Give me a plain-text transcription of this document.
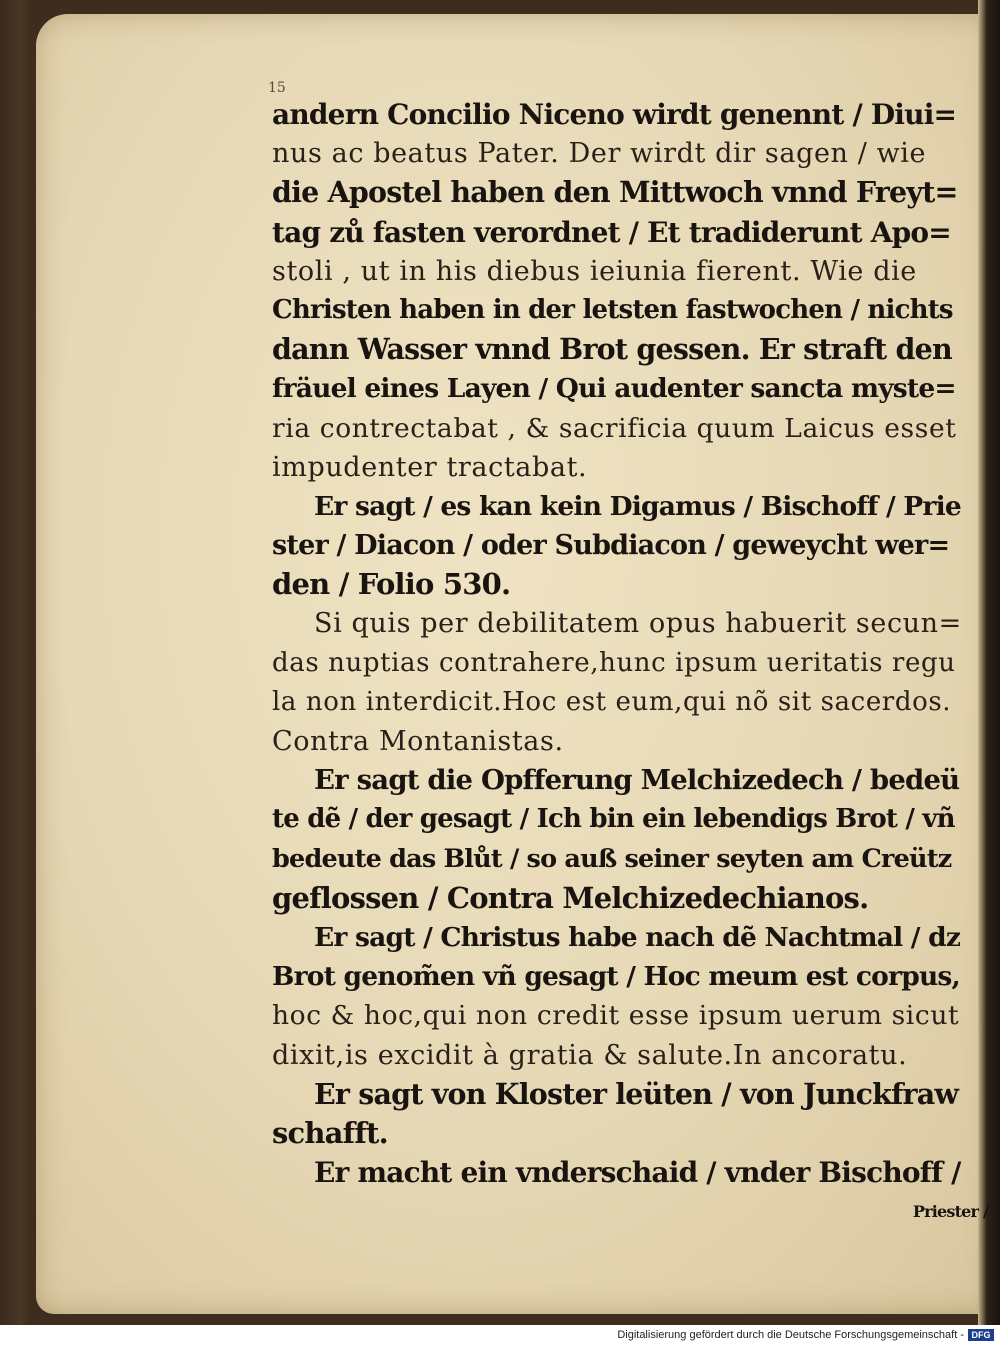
15
andern Concilio Niceno wirdt genennt / Diui=
nus ac beatus Pater. Der wirdt dir sagen / wie
die Apostel haben den Mittwoch vnnd Freyt=
tag zů fasten verordnet / Et tradiderunt Apo=
stoli , ut in his diebus ieiunia fierent. Wie die
Christen haben in der letsten fastwochen / nichts
dann Wasser vnnd Brot gessen. Er straft den
fräuel eines Layen / Qui audenter sancta myste=
ria contrectabat , & sacrificia quum Laicus esset
impudenter tractabat.
Er sagt / es kan kein Digamus / Bischoff / Prie
ster / Diacon / oder Subdiacon / geweycht wer=
den / Folio 530.
Si quis per debilitatem opus habuerit secun=
das nuptias contrahere,hunc ipsum ueritatis regu
la non interdicit.Hoc est eum,qui nõ sit sacerdos.
Contra Montanistas.
Er sagt die Opfferung Melchizedech / bedeü
te dẽ / der gesagt / Ich bin ein lebendigs Brot / vñ
bedeute das Blůt / so auß seiner seyten am Creütz
geflossen / Contra Melchizedechianos.
Er sagt / Christus habe nach dẽ Nachtmal / dz
Brot genom̃en vñ gesagt / Hoc meum est corpus,
hoc & hoc,qui non credit esse ipsum uerum sicut
dixit,is excidit à gratia & salute.In ancoratu.
Er sagt von Kloster leüten / von Junckfraw
schafft.
Er macht ein vnderschaid / vnder Bischoff /
Priester /
Digitalisierung gefördert durch die Deutsche Forschungsgemeinschaft - DFG
